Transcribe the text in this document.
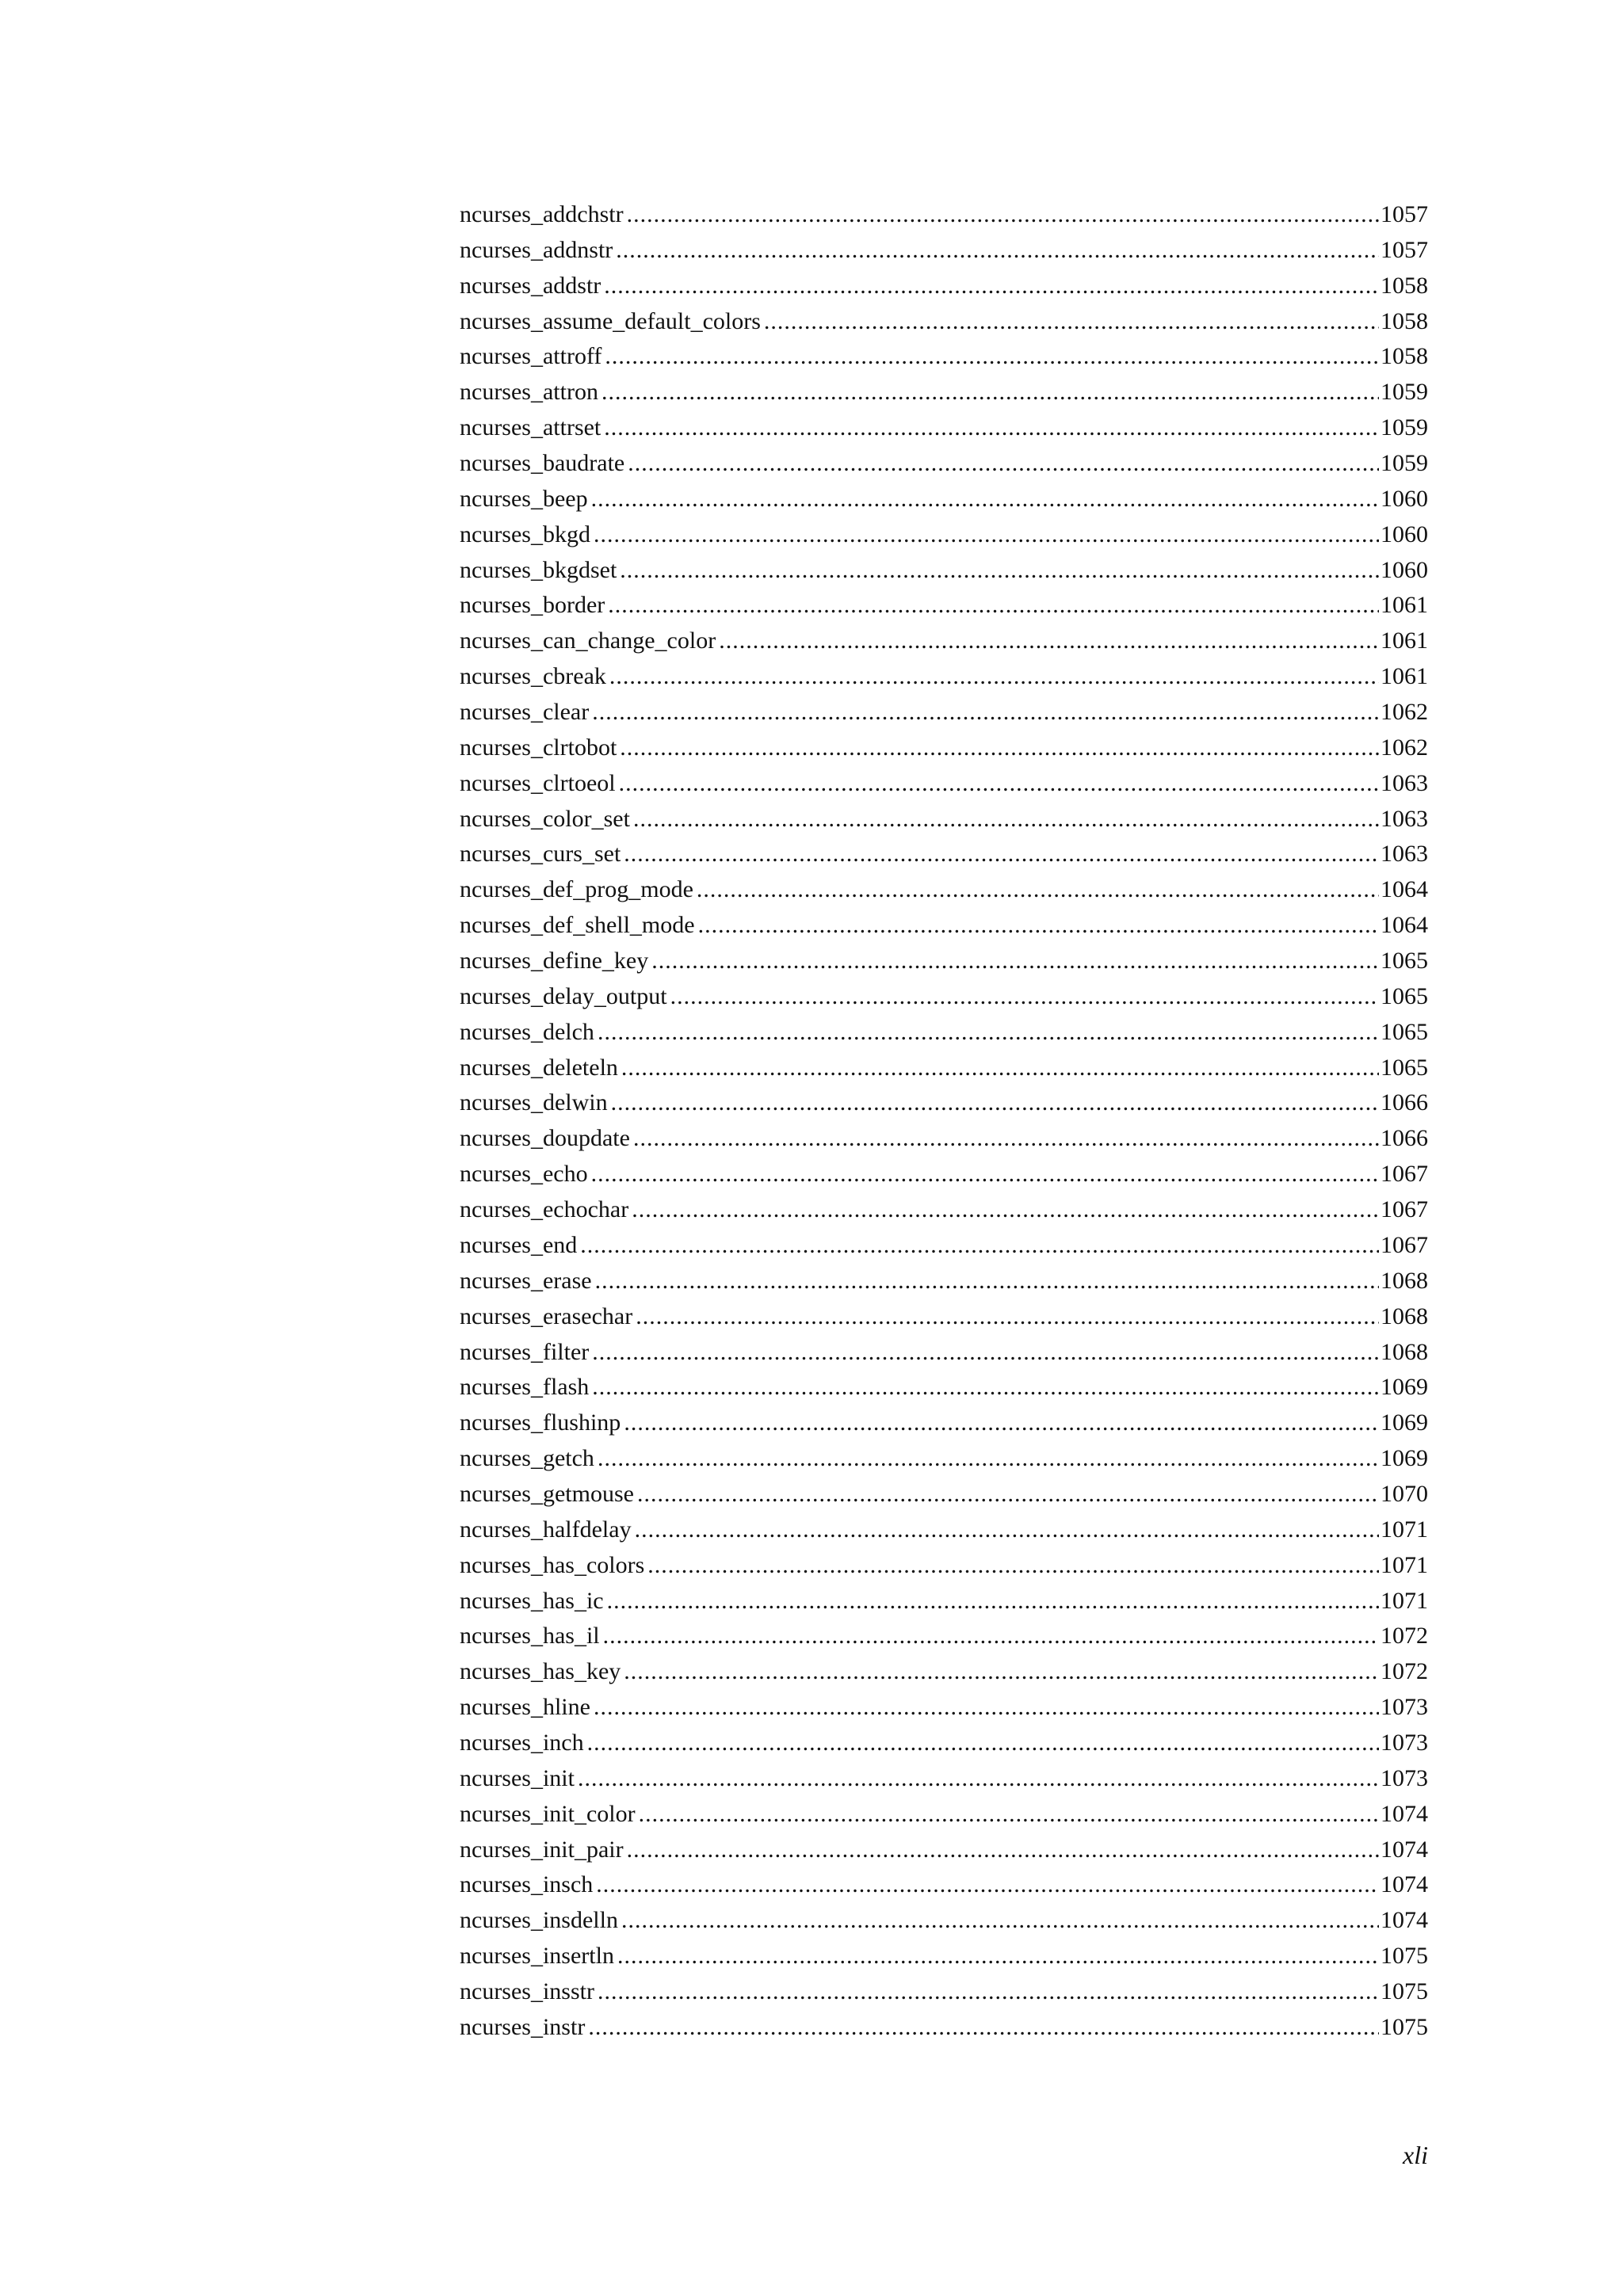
ncurses_addchstr .....	1057
ncurses_addnstr .....	1057
ncurses_addstr .....	1058
ncurses_assume_default_colors .....	1058
ncurses_attroff .....	1058
ncurses_attron .....	1059
ncurses_attrset .....	1059
ncurses_baudrate .....	1059
ncurses_beep .....	1060
ncurses_bkgd .....	1060
ncurses_bkgdset .....	1060
ncurses_border .....	1061
ncurses_can_change_color .....	1061
ncurses_cbreak .....	1061
ncurses_clear .....	1062
ncurses_clrtobot .....	1062
ncurses_clrtoeol .....	1063
ncurses_color_set .....	1063
ncurses_curs_set .....	1063
ncurses_def_prog_mode .....	1064
ncurses_def_shell_mode .....	1064
ncurses_define_key .....	1065
ncurses_delay_output .....	1065
ncurses_delch .....	1065
ncurses_deleteln .....	1065
ncurses_delwin .....	1066
ncurses_doupdate .....	1066
ncurses_echo .....	1067
ncurses_echochar .....	1067
ncurses_end .....	1067
ncurses_erase .....	1068
ncurses_erasechar .....	1068
ncurses_filter .....	1068
ncurses_flash .....	1069
ncurses_flushinp .....	1069
ncurses_getch .....	1069
ncurses_getmouse .....	1070
ncurses_halfdelay .....	1071
ncurses_has_colors .....	1071
ncurses_has_ic .....	1071
ncurses_has_il .....	1072
ncurses_has_key .....	1072
ncurses_hline .....	1073
ncurses_inch .....	1073
ncurses_init .....	1073
ncurses_init_color .....	1074
ncurses_init_pair .....	1074
ncurses_insch .....	1074
ncurses_insdelln .....	1074
ncurses_insertln .....	1075
ncurses_insstr .....	1075
ncurses_instr .....	1075
xli
